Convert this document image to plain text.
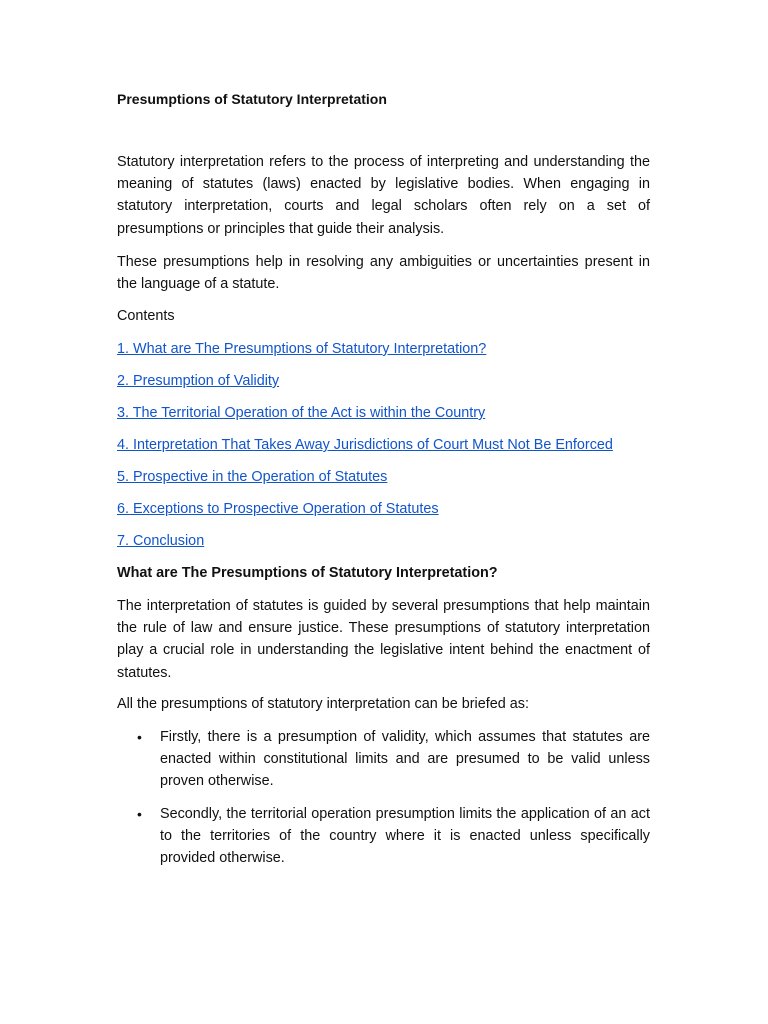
Presumptions of Statutory Interpretation

Statutory interpretation refers to the process of interpreting and understanding the meaning of statutes (laws) enacted by legislative bodies. When engaging in statutory interpretation, courts and legal scholars often rely on a set of presumptions or principles that guide their analysis.

These presumptions help in resolving any ambiguities or uncertainties present in the language of a statute.

Contents

1. What are The Presumptions of Statutory Interpretation?
2. Presumption of Validity
3. The Territorial Operation of the Act is within the Country
4. Interpretation That Takes Away Jurisdictions of Court Must Not Be Enforced
5. Prospective in the Operation of Statutes
6. Exceptions to Prospective Operation of Statutes
7. Conclusion
What are The Presumptions of Statutory Interpretation?

The interpretation of statutes is guided by several presumptions that help maintain the rule of law and ensure justice. These presumptions of statutory interpretation play a crucial role in understanding the legislative intent behind the enactment of statutes.

All the presumptions of statutory interpretation can be briefed as:

• Firstly, there is a presumption of validity, which assumes that statutes are enacted within constitutional limits and are presumed to be valid unless proven otherwise.

• Secondly, the territorial operation presumption limits the application of an act to the territories of the country where it is enacted unless specifically provided otherwise.
